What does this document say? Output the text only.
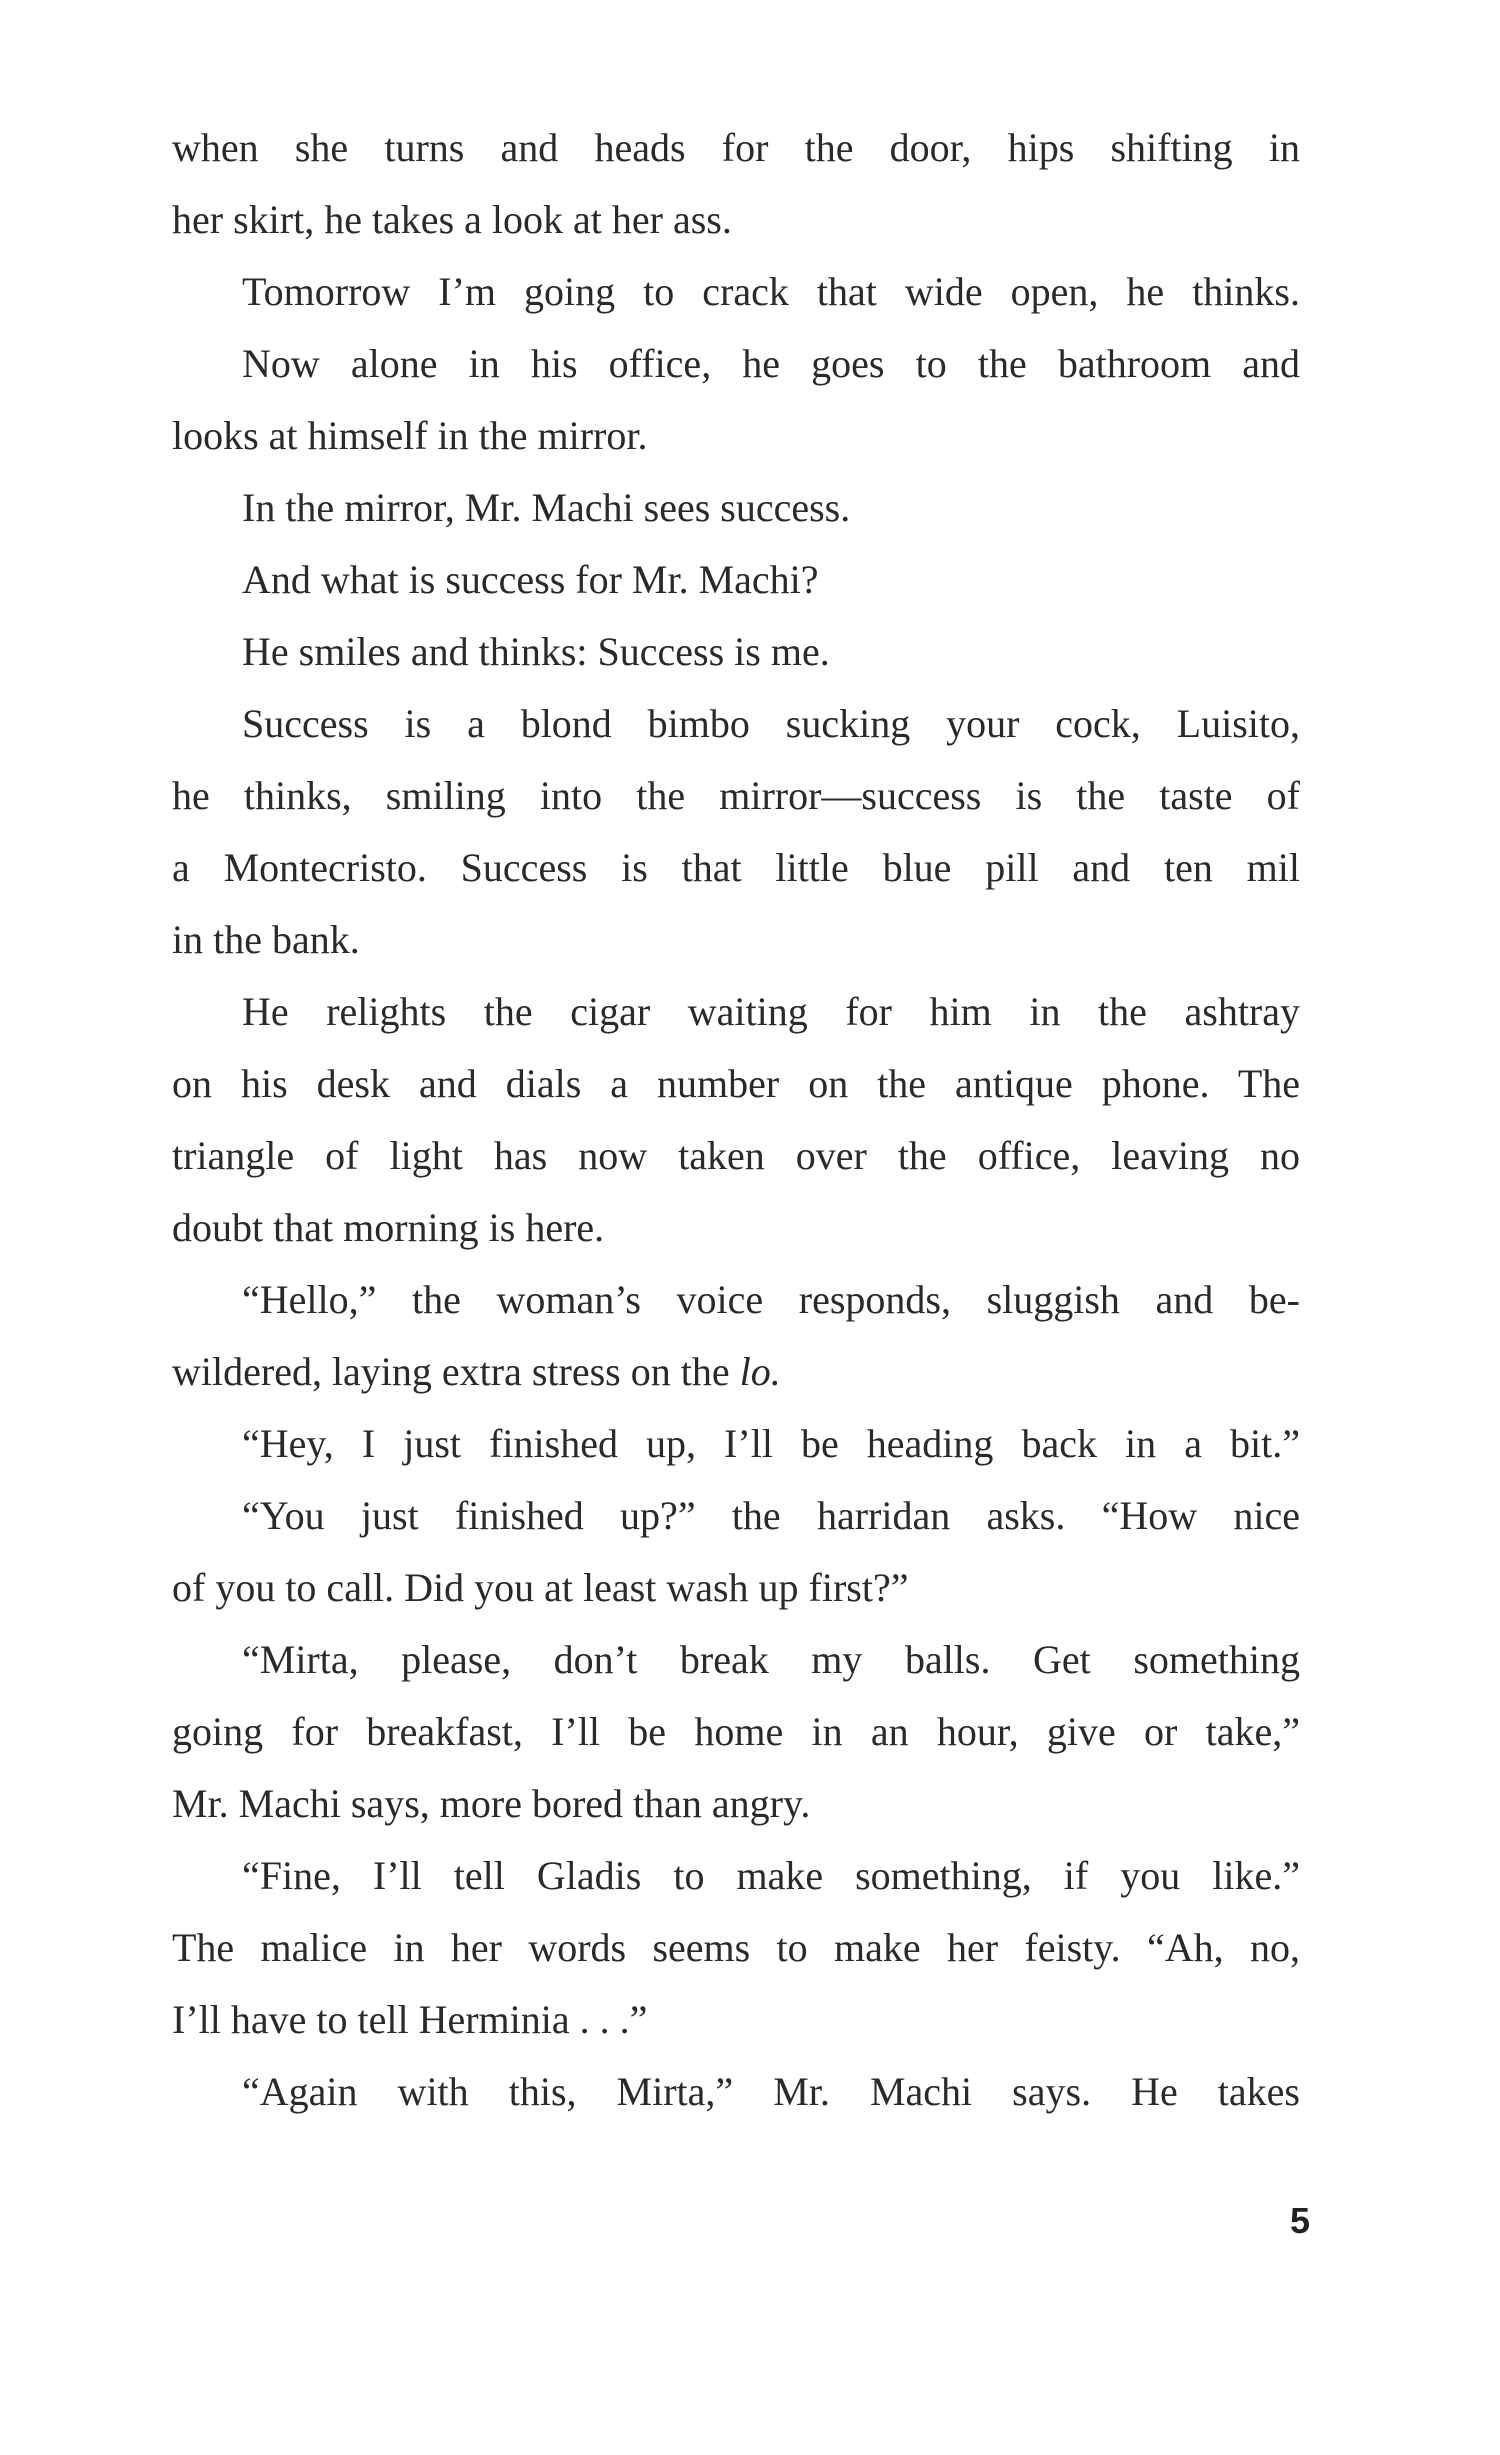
when she turns and heads for the door, hips shifting in
her skirt, he takes a look at her ass.
Tomorrow I’m going to crack that wide open, he thinks.
Now alone in his office, he goes to the bathroom and
looks at himself in the mirror.
In the mirror, Mr. Machi sees success.
And what is success for Mr. Machi?
He smiles and thinks: Success is me.
Success is a blond bimbo sucking your cock, Luisito,
he thinks, smiling into the mirror—success is the taste of
a Montecristo. Success is that little blue pill and ten mil
in the bank.
He relights the cigar waiting for him in the ashtray
on his desk and dials a number on the antique phone. The
triangle of light has now taken over the office, leaving no
doubt that morning is here.
“Hello,” the woman’s voice responds, sluggish and be-
wildered, laying extra stress on the lo.
“Hey, I just finished up, I’ll be heading back in a bit.”
“You just finished up?” the harridan asks. “How nice
of you to call. Did you at least wash up first?”
“Mirta, please, don’t break my balls. Get something
going for breakfast, I’ll be home in an hour, give or take,”
Mr. Machi says, more bored than angry.
“Fine, I’ll tell Gladis to make something, if you like.”
The malice in her words seems to make her feisty. “Ah, no,
I’ll have to tell Herminia . . .”
“Again with this, Mirta,” Mr. Machi says. He takes
5
